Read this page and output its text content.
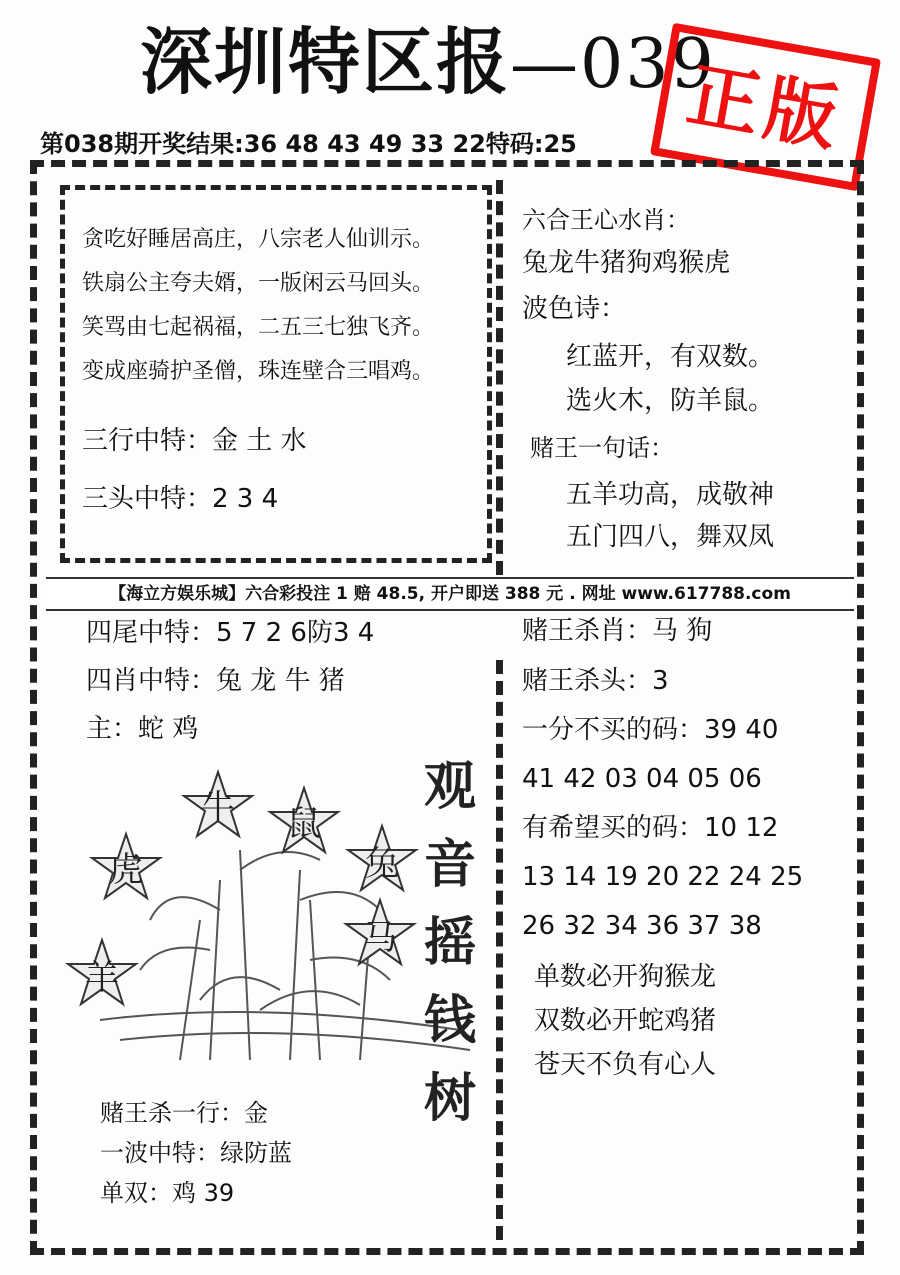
深圳特区报—039
正版
第038期开奖结果:36 48 43 49 33 22特码:25
贪吃好睡居高庄，八宗老人仙训示。
铁扇公主夸夫婿，一版闲云马回头。
笑骂由七起祸福，二五三七独飞齐。
变成座骑护圣僧，珠连壁合三唱鸡。
三行中特：金 土 水
三头中特：2 3 4
六合王心水肖：
兔龙牛猪狗鸡猴虎
波色诗：
红蓝开，有双数。
选火木，防羊鼠。
赌王一句话：
五羊功高，成敬神
五门四八，舞双凤
【海立方娱乐城】六合彩投注 1 赔 48.5, 开户即送 388 元 . 网址 www.617788.com
四尾中特：5 7 2 6防3 4
四肖中特：兔 龙 牛 猪
主：蛇 鸡
牛 鼠
虎	兔
马
羊
观
音
摇
钱
树
赌王杀一行：金
一波中特：绿防蓝
单双：鸡 39
赌王杀肖：马 狗
赌王杀头：3
一分不买的码：39 40
41 42 03 04 05 06
有希望买的码：10 12
13 14 19 20 22 24 25
26 32 34 36 37 38
单数必开狗猴龙
双数必开蛇鸡猪
苍天不负有心人
